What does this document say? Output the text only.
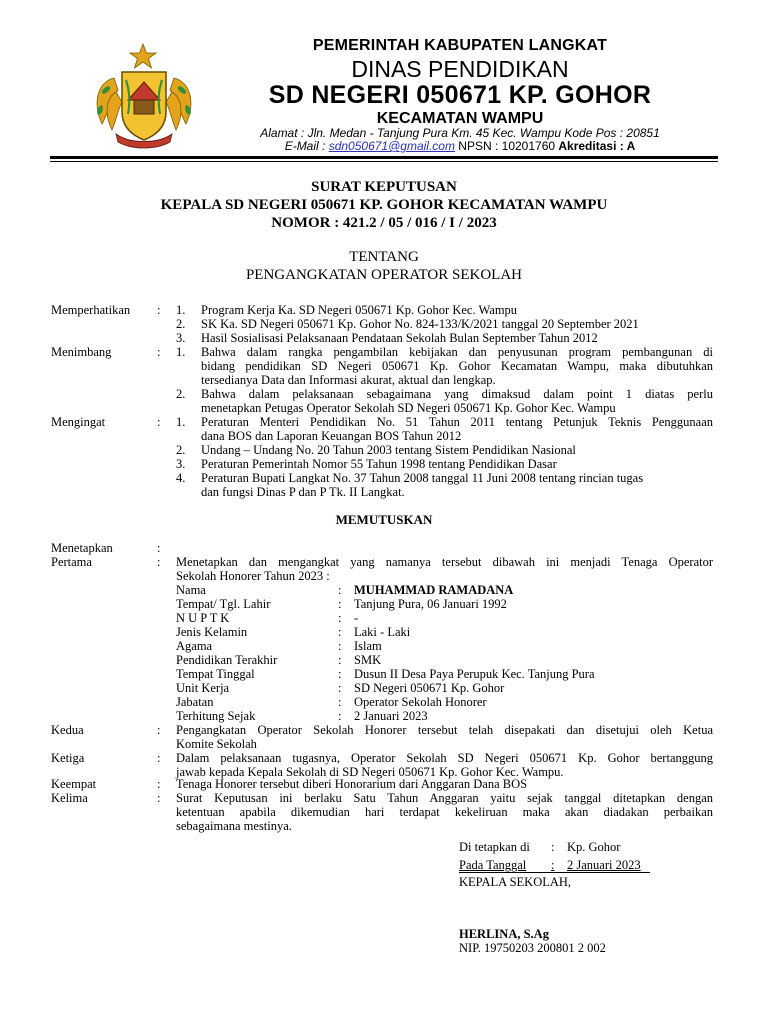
PEMERINTAH KABUPATEN LANGKAT
DINAS PENDIDIKAN
SD NEGERI 050671 KP. GOHOR
KECAMATAN WAMPU
Alamat : Jln. Medan - Tanjung Pura Km. 45 Kec. Wampu Kode Pos : 20851
E-Mail : sdn050671@gmail.com NPSN : 10201760 Akreditasi : A
SURAT KEPUTUSAN
KEPALA SD NEGERI 050671 KP. GOHOR KECAMATAN WAMPU
NOMOR : 421.2 / 05 / 016 / I / 2023
TENTANG
PENGANGKATAN OPERATOR SEKOLAH
Memperhatikan : 1. Program Kerja Ka. SD Negeri 050671 Kp. Gohor Kec. Wampu
2. SK Ka. SD Negeri 050671 Kp. Gohor No. 824-133/K/2021 tanggal 20 September 2021
3. Hasil Sosialisasi Pelaksanaan Pendataan Sekolah Bulan September Tahun 2012
Menimbang	: 1. Bahwa dalam rangka pengambilan kebijakan dan penyusunan program pembangunan di
bidang pendidikan SD Negeri 050671 Kp. Gohor Kecamatan Wampu, maka dibutuhkan
tersedianya Data dan Informasi akurat, aktual dan lengkap.
2. Bahwa dalam pelaksanaan sebagaimana yang dimaksud dalam point 1 diatas perlu
menetapkan Petugas Operator Sekolah SD Negeri 050671 Kp. Gohor Kec. Wampu
Mengingat	: 1. Peraturan Menteri Pendidikan No. 51 Tahun 2011 tentang Petunjuk Teknis Penggunaan
dana BOS dan Laporan Keuangan BOS Tahun 2012
2. Undang – Undang No. 20 Tahun 2003 tentang Sistem Pendidikan Nasional
3. Peraturan Pemerintah Nomor 55 Tahun 1998 tentang Pendidikan Dasar
4. Peraturan Bupati Langkat No. 37 Tahun 2008 tanggal 11 Juni 2008 tentang rincian tugas
dan fungsi Dinas P dan P Tk. II Langkat.
MEMUTUSKAN
Menetapkan	:
Pertama	: Menetapkan dan mengangkat yang namanya tersebut dibawah ini menjadi Tenaga Operator
Sekolah Honorer Tahun 2023 :
Nama	: MUHAMMAD RAMADANA
Tempat/ Tgl. Lahir	: Tanjung Pura, 06 Januari 1992
N U P T K	: -
Jenis Kelamin	: Laki - Laki
Agama	: Islam
Pendidikan Terakhir	: SMK
Tempat Tinggal	: Dusun II Desa Paya Perupuk Kec. Tanjung Pura
Unit Kerja	: SD Negeri 050671 Kp. Gohor
Jabatan	: Operator Sekolah Honorer
Terhitung Sejak	: 2 Januari 2023
Kedua	: Pengangkatan Operator Sekolah Honorer tersebut telah disepakati dan disetujui oleh Ketua
Komite Sekolah
Ketiga	: Dalam pelaksanaan tugasnya, Operator Sekolah SD Negeri 050671 Kp. Gohor bertanggung
jawab kepada Kepala Sekolah di SD Negeri 050671 Kp. Gohor Kec. Wampu.
Keempat	: Tenaga Honorer tersebut diberi Honorarium dari Anggaran Dana BOS
Kelima	: Surat Keputusan ini berlaku Satu Tahun Anggaran yaitu sejak tanggal ditetapkan dengan
ketentuan apabila dikemudian hari terdapat kekeliruan maka akan diadakan perbaikan
sebagaimana mestinya.
Di tetapkan di : Kp. Gohor
Pada Tanggal : 2 Januari 2023
KEPALA SEKOLAH,
HERLINA, S.Ag
NIP. 19750203 200801 2 002
